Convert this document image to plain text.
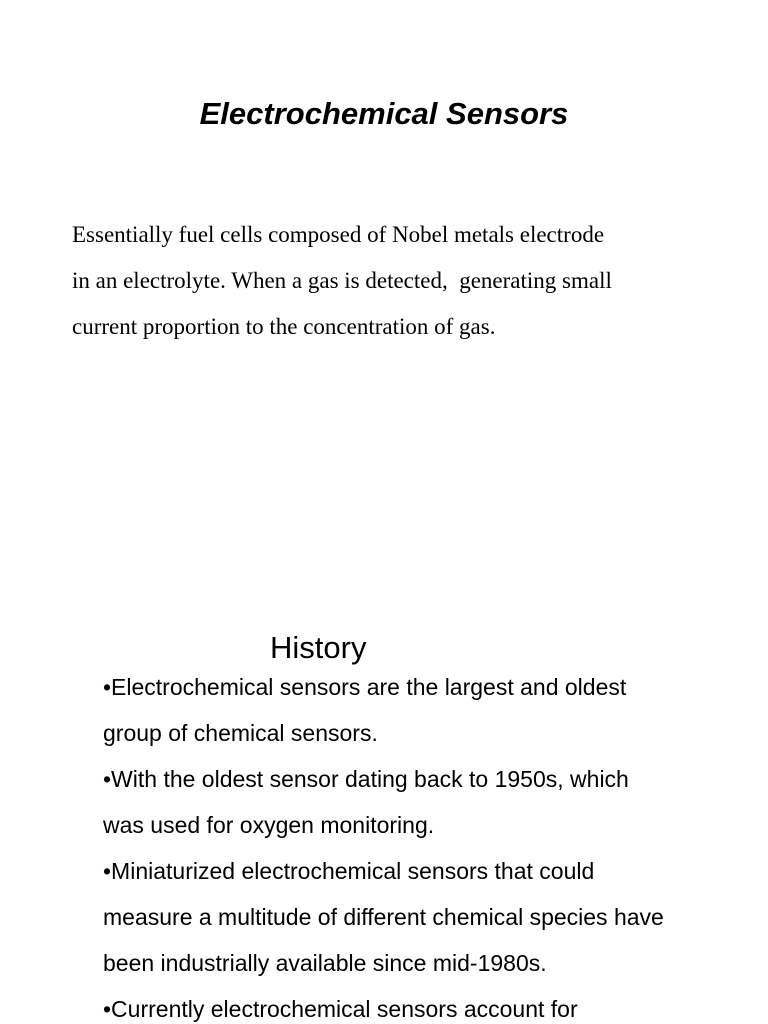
Electrochemical Sensors
Essentially fuel cells composed of Nobel metals electrode
in an electrolyte. When a gas is detected,  generating small
current proportion to the concentration of gas.
History
•Electrochemical sensors are the largest and oldest
group of chemical sensors.
•With the oldest sensor dating back to 1950s, which
was used for oxygen monitoring.
•Miniaturized electrochemical sensors that could
measure a multitude of different chemical species have
been industrially available since mid-1980s.
•Currently electrochemical sensors account for
